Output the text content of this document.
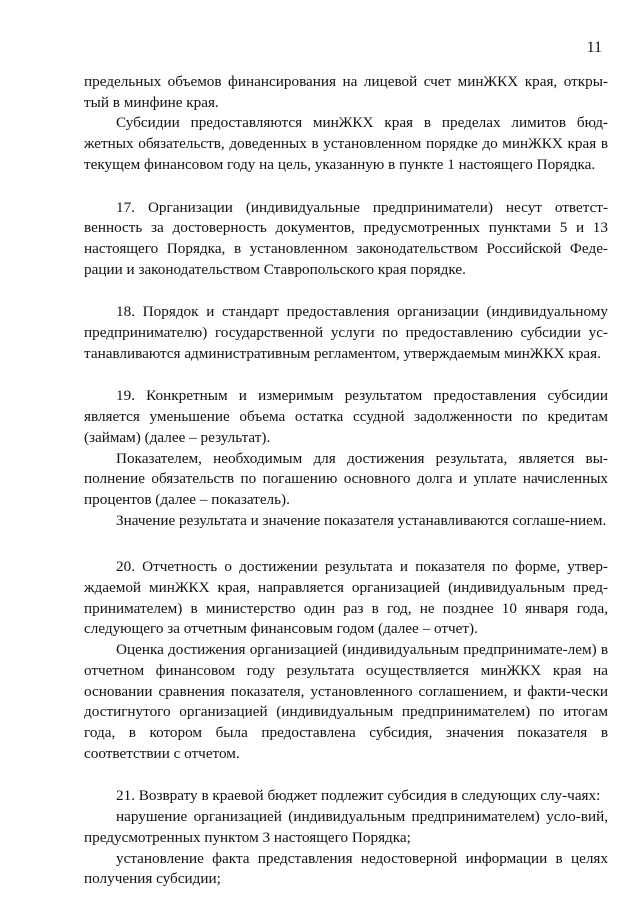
11

предельных объемов финансирования на лицевой счет минЖКХ края, откры-тый в минфине края.

Субсидии предоставляются минЖКХ края в пределах лимитов бюд-жетных обязательств, доведенных в установленном порядке до минЖКХ края в текущем финансовом году на цель, указанную в пункте 1 настоящего Порядка.

17. Организации (индивидуальные предприниматели) несут ответст-венность за достоверность документов, предусмотренных пунктами 5 и 13 настоящего Порядка, в установленном законодательством Российской Феде-рации и законодательством Ставропольского края порядке.

18. Порядок и стандарт предоставления организации (индивидуальному предпринимателю) государственной услуги по предоставлению субсидии ус-танавливаются административным регламентом, утверждаемым минЖКХ края.

19. Конкретным и измеримым результатом предоставления субсидии является уменьшение объема остатка ссудной задолженности по кредитам (займам) (далее – результат).

Показателем, необходимым для достижения результата, является вы-полнение обязательств по погашению основного долга и уплате начисленных процентов (далее – показатель).

Значение результата и значение показателя устанавливаются соглаше-нием.

20. Отчетность о достижении результата и показателя по форме, утвер-ждаемой минЖКХ края, направляется организацией (индивидуальным пред-принимателем) в министерство один раз в год, не позднее 10 января года, следующего за отчетным финансовым годом (далее – отчет).

Оценка достижения организацией (индивидуальным предпринимате-лем) в отчетном финансовом году результата осуществляется минЖКХ края на основании сравнения показателя, установленного соглашением, и факти-чески достигнутого организацией (индивидуальным предпринимателем) по итогам года, в котором была предоставлена субсидия, значения показателя в соответствии с отчетом.

21. Возврату в краевой бюджет подлежит субсидия в следующих слу-чаях:

нарушение организацией (индивидуальным предпринимателем) усло-вий, предусмотренных пунктом 3 настоящего Порядка;

установление факта представления недостоверной информации в целях получения субсидии;
